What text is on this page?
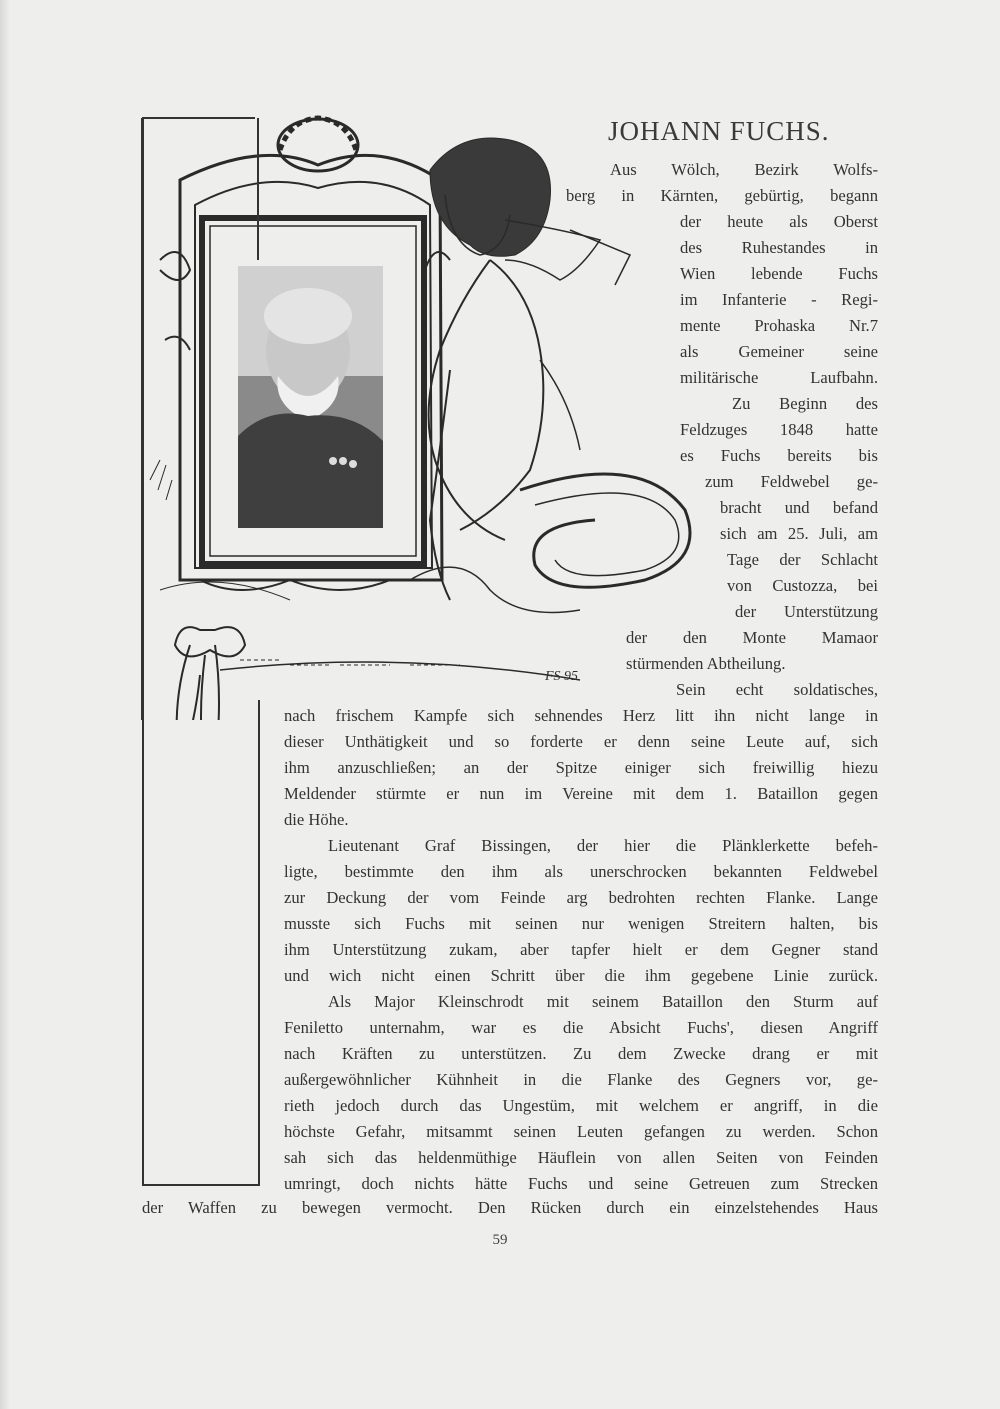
FS 95
JOHANN FUCHS.
Aus Wölch, Bezirk Wolfs-
berg in Kärnten, gebürtig, begann
der heute als Oberst
des Ruhestandes in
Wien lebende Fuchs
im Infanterie - Regi-
mente Prohaska Nr.7
als Gemeiner seine
militärische Laufbahn.
Zu Beginn des
Feldzuges 1848 hatte
es Fuchs bereits bis
zum Feldwebel ge-
bracht und befand
sich am 25. Juli, am
Tage der Schlacht
von Custozza, bei
der Unterstützung
der den Monte Mamaor
stürmenden Abtheilung.
Sein echt soldatisches,
nach frischem Kampfe sich sehnendes Herz litt ihn nicht lange in
dieser Unthätigkeit und so forderte er denn seine Leute auf, sich
ihm anzuschließen; an der Spitze einiger sich freiwillig hiezu
Meldender stürmte er nun im Vereine mit dem 1. Bataillon gegen
die Höhe.
Lieutenant Graf Bissingen, der hier die Plänklerkette befeh-
ligte, bestimmte den ihm als unerschrocken bekannten Feldwebel
zur Deckung der vom Feinde arg bedrohten rechten Flanke. Lange
musste sich Fuchs mit seinen nur wenigen Streitern halten, bis
ihm Unterstützung zukam, aber tapfer hielt er dem Gegner stand
und wich nicht einen Schritt über die ihm gegebene Linie zurück.
Als Major Kleinschrodt mit seinem Bataillon den Sturm auf
Feniletto unternahm, war es die Absicht Fuchs', diesen Angriff
nach Kräften zu unterstützen. Zu dem Zwecke drang er mit
außergewöhnlicher Kühnheit in die Flanke des Gegners vor, ge-
rieth jedoch durch das Ungestüm, mit welchem er angriff, in die
höchste Gefahr, mitsammt seinen Leuten gefangen zu werden. Schon
sah sich das heldenmüthige Häuflein von allen Seiten von Feinden
umringt, doch nichts hätte Fuchs und seine Getreuen zum Strecken
der Waffen zu bewegen vermocht. Den Rücken durch ein einzelstehendes Haus
59
